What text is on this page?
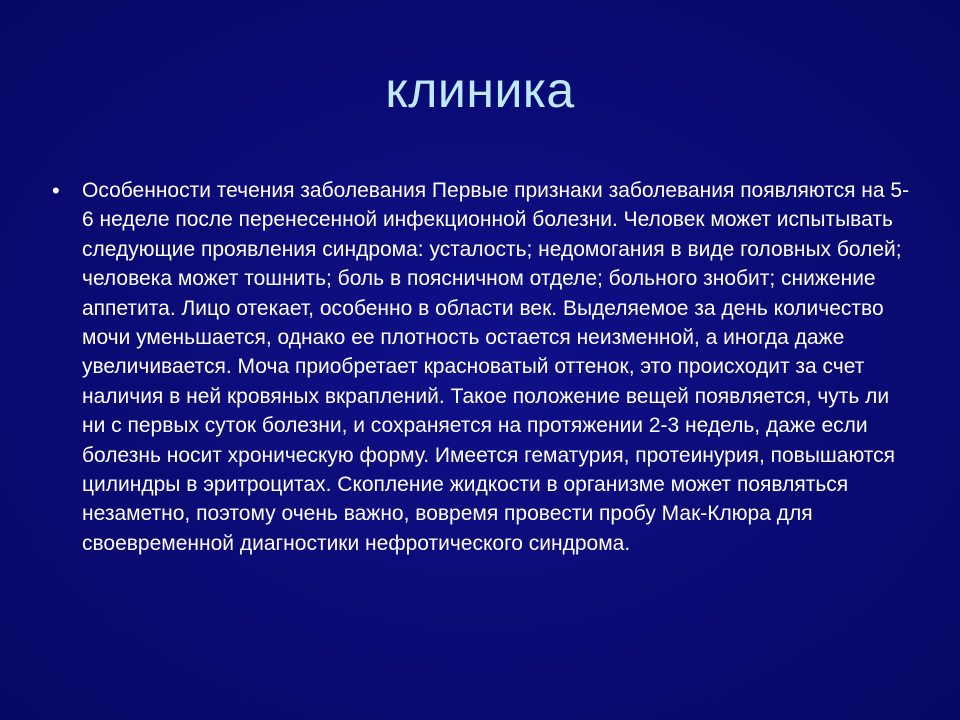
клиника
•	Особенности течения заболевания Первые признаки заболевания появляются на 5-6 неделе после перенесенной инфекционной болезни. Человек может испытывать следующие проявления синдрома: усталость; недомогания в виде головных болей; человека может тошнить; боль в поясничном отделе; больного знобит; снижение аппетита. Лицо отекает, особенно в области век. Выделяемое за день количество мочи уменьшается, однако ее плотность остается неизменной, а иногда даже увеличивается. Моча приобретает красноватый оттенок, это происходит за счет наличия в ней кровяных вкраплений. Такое положение вещей появляется, чуть ли ни с первых суток болезни, и сохраняется на протяжении 2-3 недель, даже если болезнь носит хроническую форму. Имеется гематурия, протеинурия, повышаются цилиндры в эритроцитах. Скопление жидкости в организме может появляться незаметно, поэтому очень важно, вовремя провести пробу Мак-Клюра для своевременной диагностики нефротического синдрома.
